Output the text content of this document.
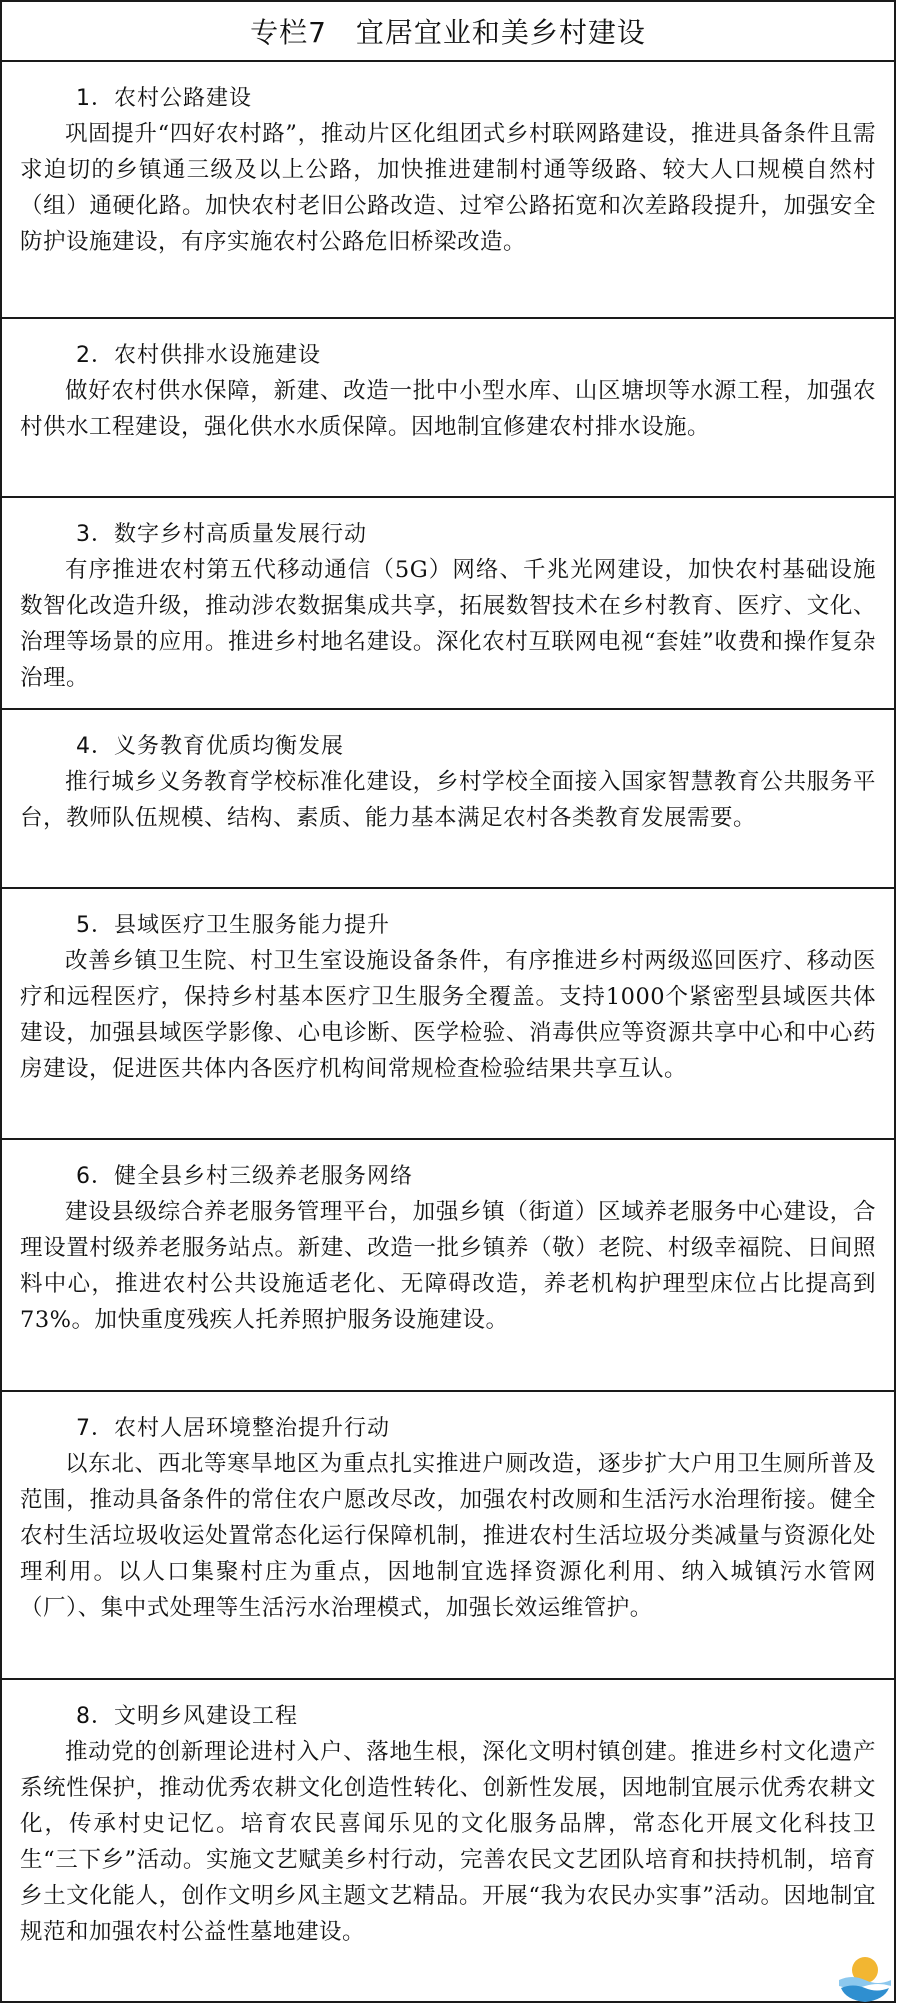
专栏7　宜居宜业和美乡村建设
1．农村公路建设

巩固提升“四好农村路”，推动片区化组团式乡村联网路建设，推进具备条件且需求迫切的乡镇通三级及以上公路，加快推进建制村通等级路、较大人口规模自然村（组）通硬化路。加快农村老旧公路改造、过窄公路拓宽和次差路段提升，加强安全防护设施建设，有序实施农村公路危旧桥梁改造。

2．农村供排水设施建设

做好农村供水保障，新建、改造一批中小型水库、山区塘坝等水源工程，加强农村供水工程建设，强化供水水质保障。因地制宜修建农村排水设施。

3．数字乡村高质量发展行动

有序推进农村第五代移动通信（5G）网络、千兆光网建设，加快农村基础设施数智化改造升级，推动涉农数据集成共享，拓展数智技术在乡村教育、医疗、文化、治理等场景的应用。推进乡村地名建设。深化农村互联网电视“套娃”收费和操作复杂治理。

4．义务教育优质均衡发展

推行城乡义务教育学校标准化建设，乡村学校全面接入国家智慧教育公共服务平台，教师队伍规模、结构、素质、能力基本满足农村各类教育发展需要。

5．县域医疗卫生服务能力提升

改善乡镇卫生院、村卫生室设施设备条件，有序推进乡村两级巡回医疗、移动医疗和远程医疗，保持乡村基本医疗卫生服务全覆盖。支持1000个紧密型县域医共体建设，加强县域医学影像、心电诊断、医学检验、消毒供应等资源共享中心和中心药房建设，促进医共体内各医疗机构间常规检查检验结果共享互认。

6．健全县乡村三级养老服务网络

建设县级综合养老服务管理平台，加强乡镇（街道）区域养老服务中心建设，合理设置村级养老服务站点。新建、改造一批乡镇养（敬）老院、村级幸福院、日间照料中心，推进农村公共设施适老化、无障碍改造，养老机构护理型床位占比提高到73%。加快重度残疾人托养照护服务设施建设。

7．农村人居环境整治提升行动

以东北、西北等寒旱地区为重点扎实推进户厕改造，逐步扩大户用卫生厕所普及范围，推动具备条件的常住农户愿改尽改，加强农村改厕和生活污水治理衔接。健全农村生活垃圾收运处置常态化运行保障机制，推进农村生活垃圾分类减量与资源化处理利用。以人口集聚村庄为重点，因地制宜选择资源化利用、纳入城镇污水管网（厂）、集中式处理等生活污水治理模式，加强长效运维管护。

8．文明乡风建设工程

推动党的创新理论进村入户、落地生根，深化文明村镇创建。推进乡村文化遗产系统性保护，推动优秀农耕文化创造性转化、创新性发展，因地制宜展示优秀农耕文化，传承村史记忆。培育农民喜闻乐见的文化服务品牌，常态化开展文化科技卫生“三下乡”活动。实施文艺赋美乡村行动，完善农民文艺团队培育和扶持机制，培育乡土文化能人，创作文明乡风主题文艺精品。开展“我为农民办实事”活动。因地制宜规范和加强农村公益性墓地建设。
